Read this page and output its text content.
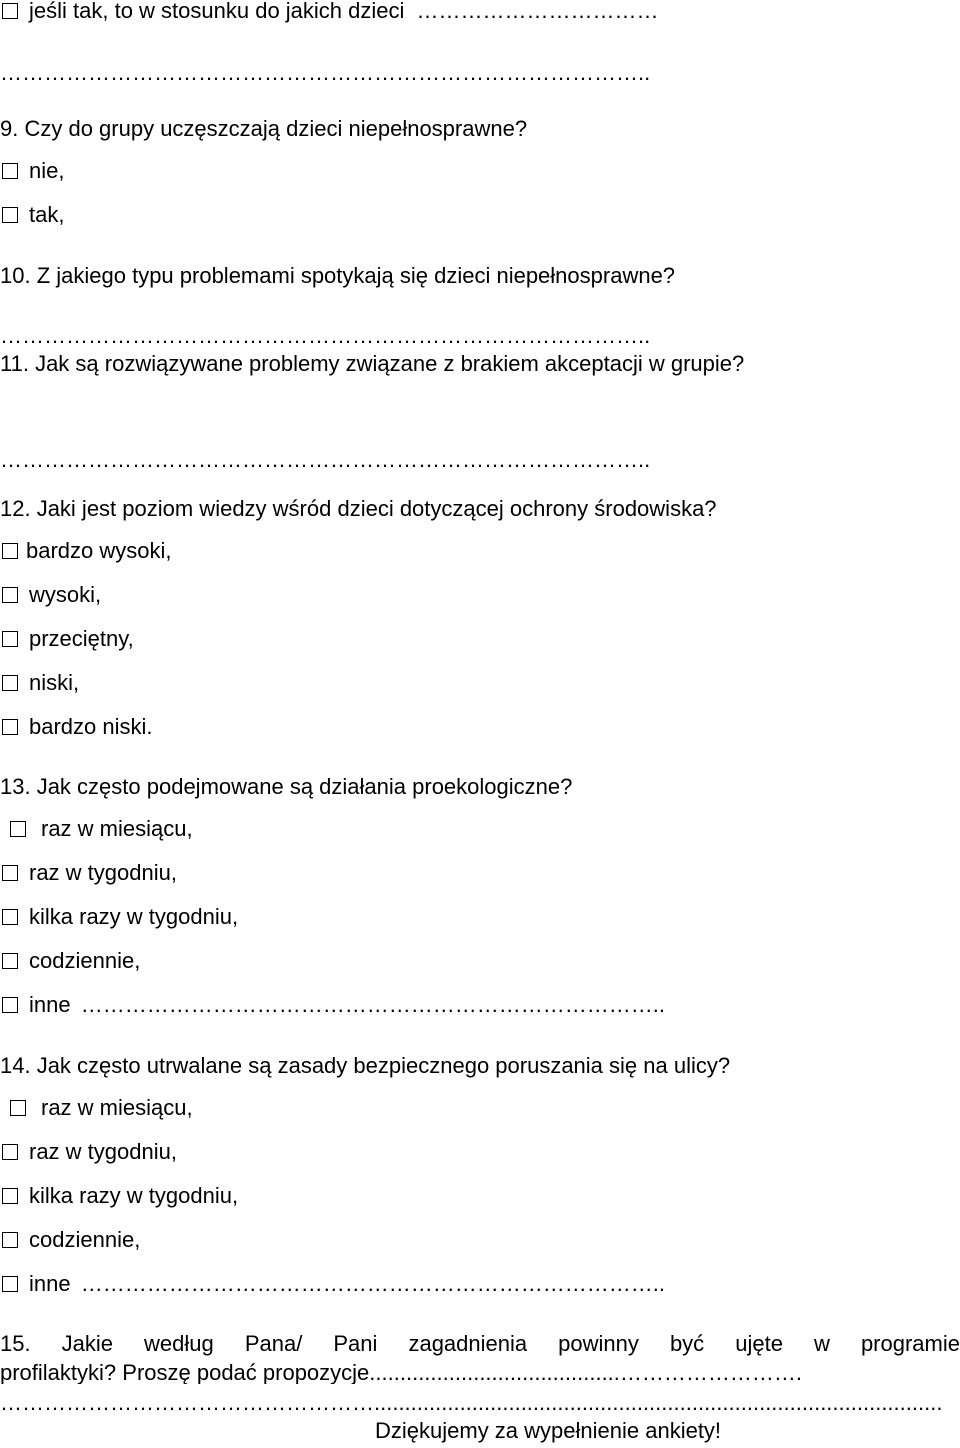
jeśli tak, to w stosunku do jakich dzieci ……………………………
……………………………………………………………………………..
9. Czy do grupy uczęszczają dzieci niepełnosprawne?
nie,
tak,
10. Z jakiego typu problemami spotykają się dzieci niepełnosprawne?
……………………………………………………………………………..
11. Jak są rozwiązywane problemy związane z brakiem akceptacji w grupie?
……………………………………………………………………………..
12. Jaki jest poziom wiedzy wśród dzieci dotyczącej ochrony środowiska?
bardzo wysoki,
wysoki,
przeciętny,
niski,
bardzo niski.
13. Jak często podejmowane są działania proekologiczne?
raz w miesiącu,
raz w tygodniu,
kilka razy w tygodniu,
codziennie,
inne ……………………………………………………………………..
14. Jak często utrwalane są zasady bezpiecznego poruszania się na ulicy?
raz w miesiącu,
raz w tygodniu,
kilka razy w tygodniu,
codziennie,
inne ……………………………………………………………………..
15. Jakie według Pana/ Pani zagadnienia powinny być ujęte w programie
profilaktyki? Proszę podać propozycje.........................................…………………….
…………………………………………….............................................................................................
Dziękujemy za wypełnienie ankiety!
